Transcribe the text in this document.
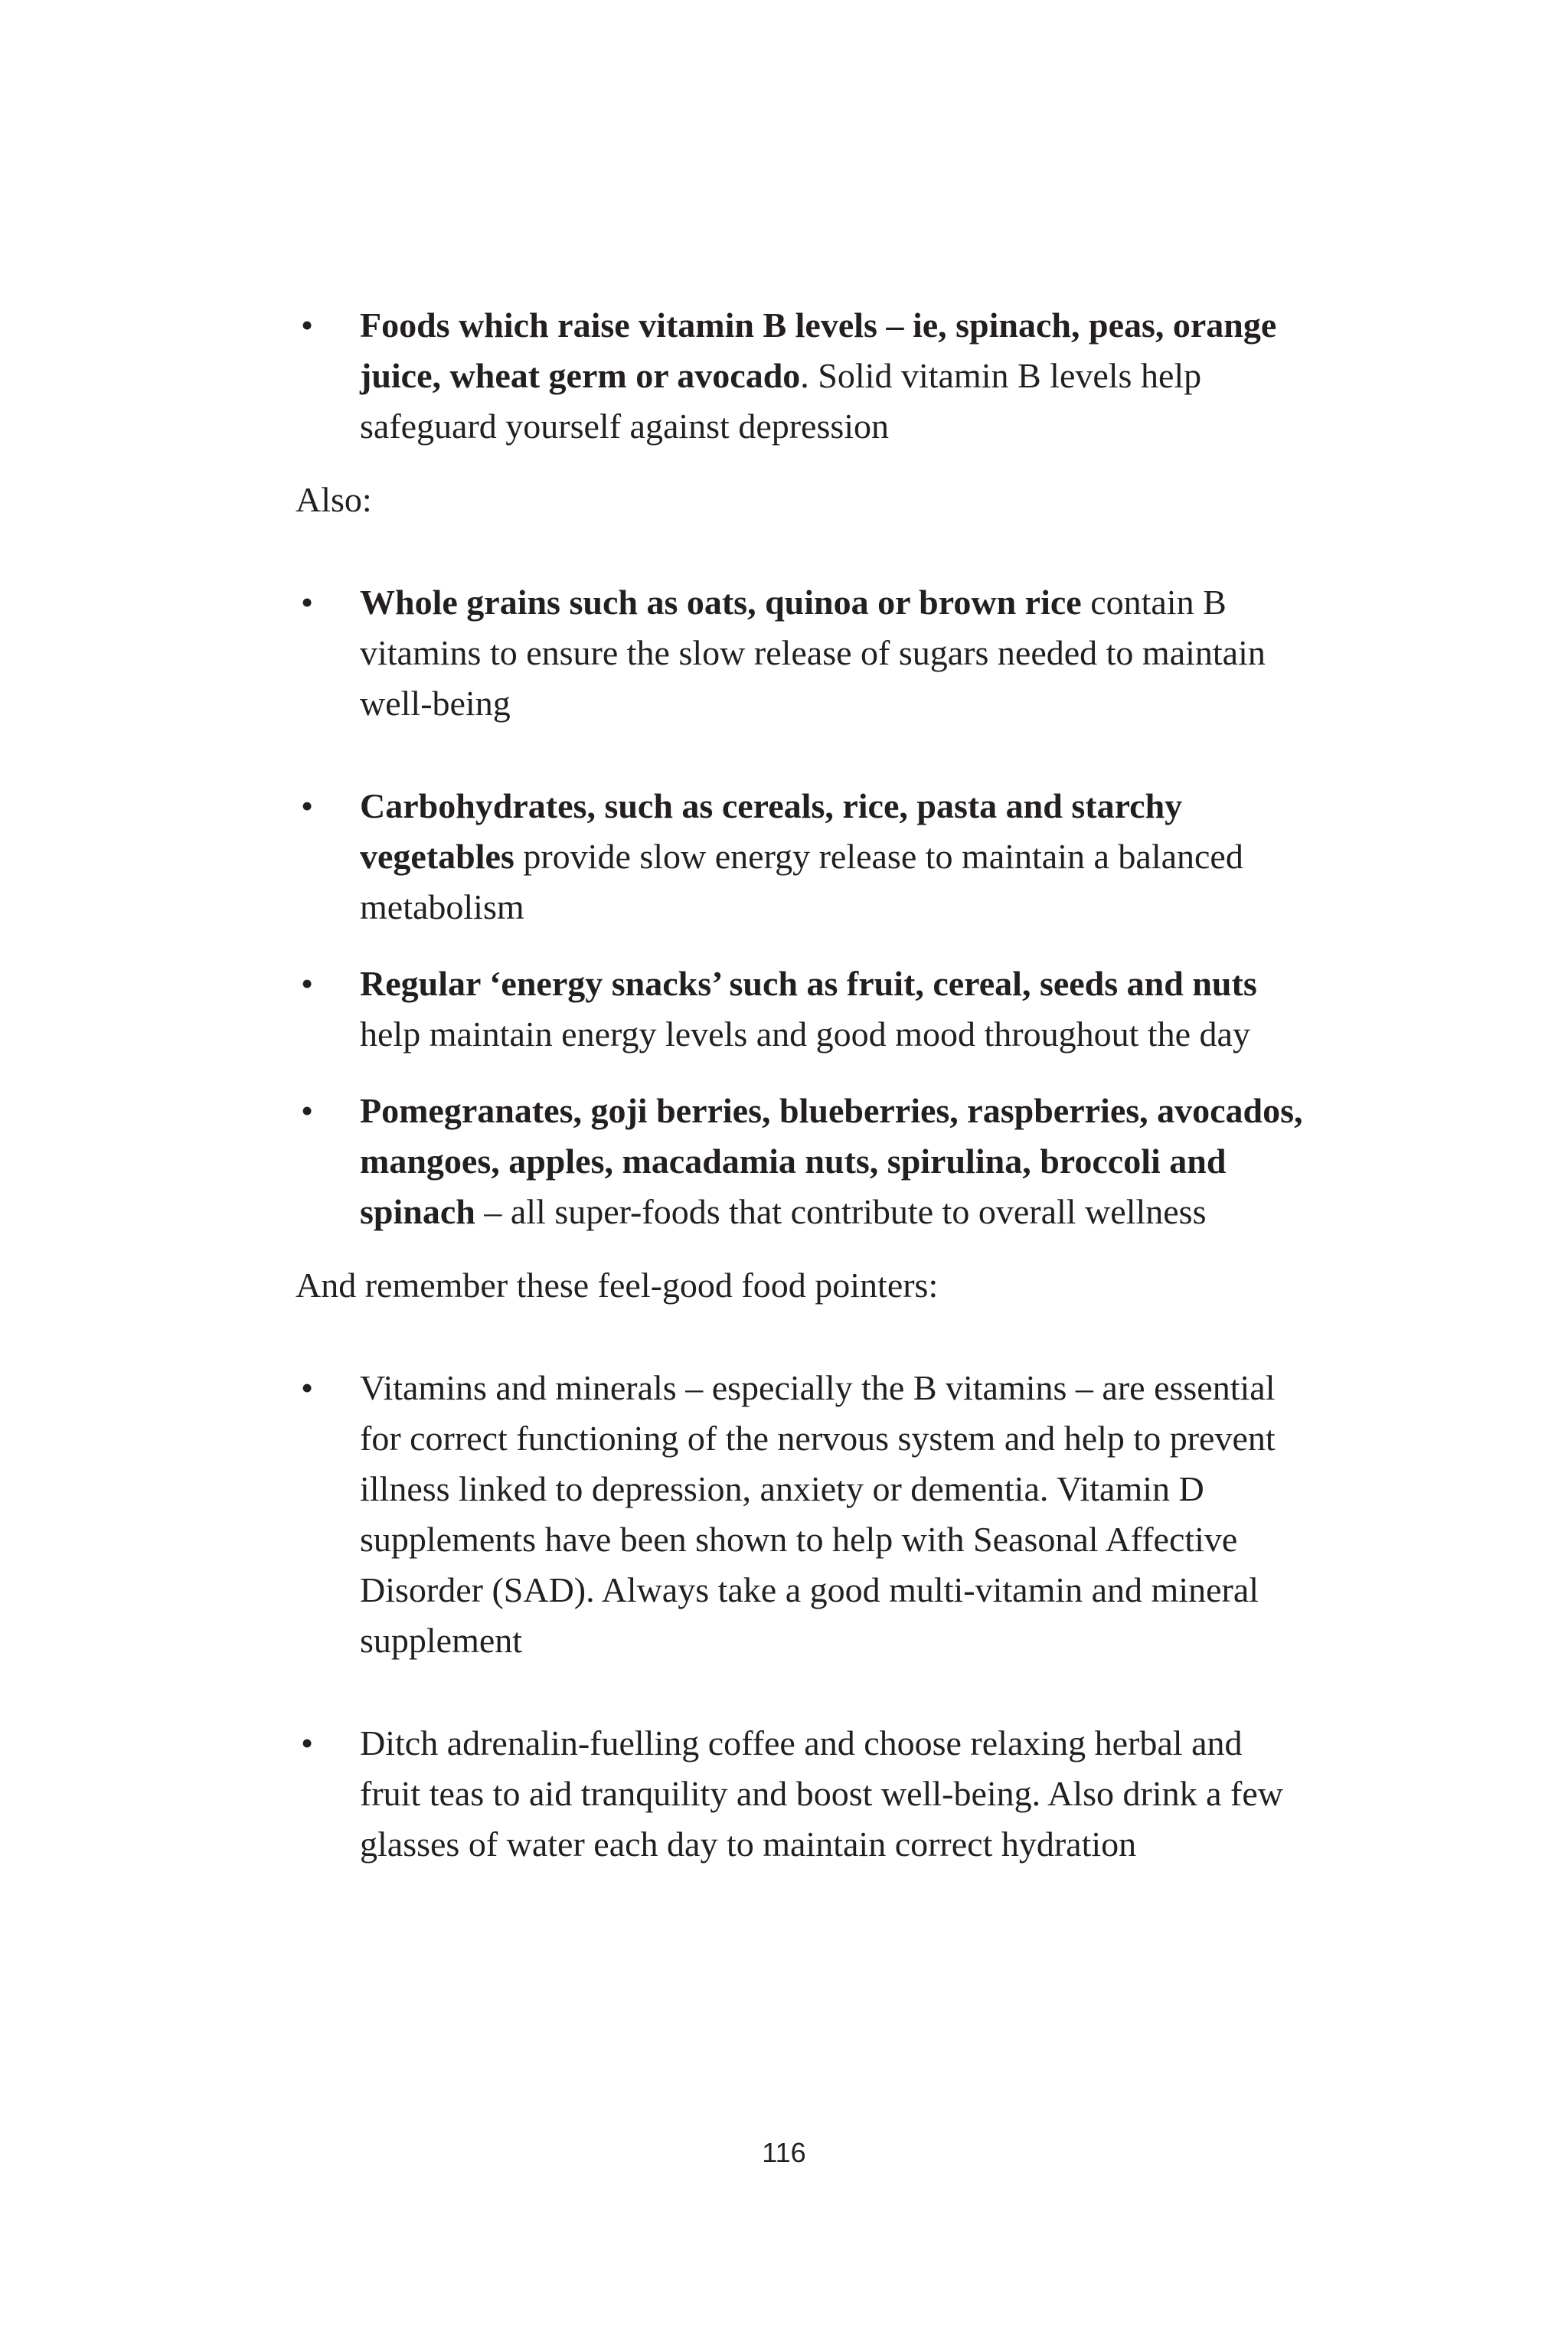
• Foods which raise vitamin B levels – ie, spinach, peas, orange juice, wheat germ or avocado. Solid vitamin B levels help safeguard yourself against depression

Also:

• Whole grains such as oats, quinoa or brown rice contain B vitamins to ensure the slow release of sugars needed to maintain well-being
• Carbohydrates, such as cereals, rice, pasta and starchy vegetables provide slow energy release to maintain a balanced metabolism
• Regular ‘energy snacks’ such as fruit, cereal, seeds and nuts help maintain energy levels and good mood throughout the day
• Pomegranates, goji berries, blueberries, raspberries, avocados, mangoes, apples, macadamia nuts, spirulina, broccoli and spinach – all super-foods that contribute to overall wellness

And remember these feel-good food pointers:

• Vitamins and minerals – especially the B vitamins – are essential for correct functioning of the nervous system and help to prevent illness linked to depression, anxiety or dementia. Vitamin D supplements have been shown to help with Seasonal Affective Disorder (SAD). Always take a good multi-vitamin and mineral supplement
• Ditch adrenalin-fuelling coffee and choose relaxing herbal and fruit teas to aid tranquility and boost well-being. Also drink a few glasses of water each day to maintain correct hydration
116
